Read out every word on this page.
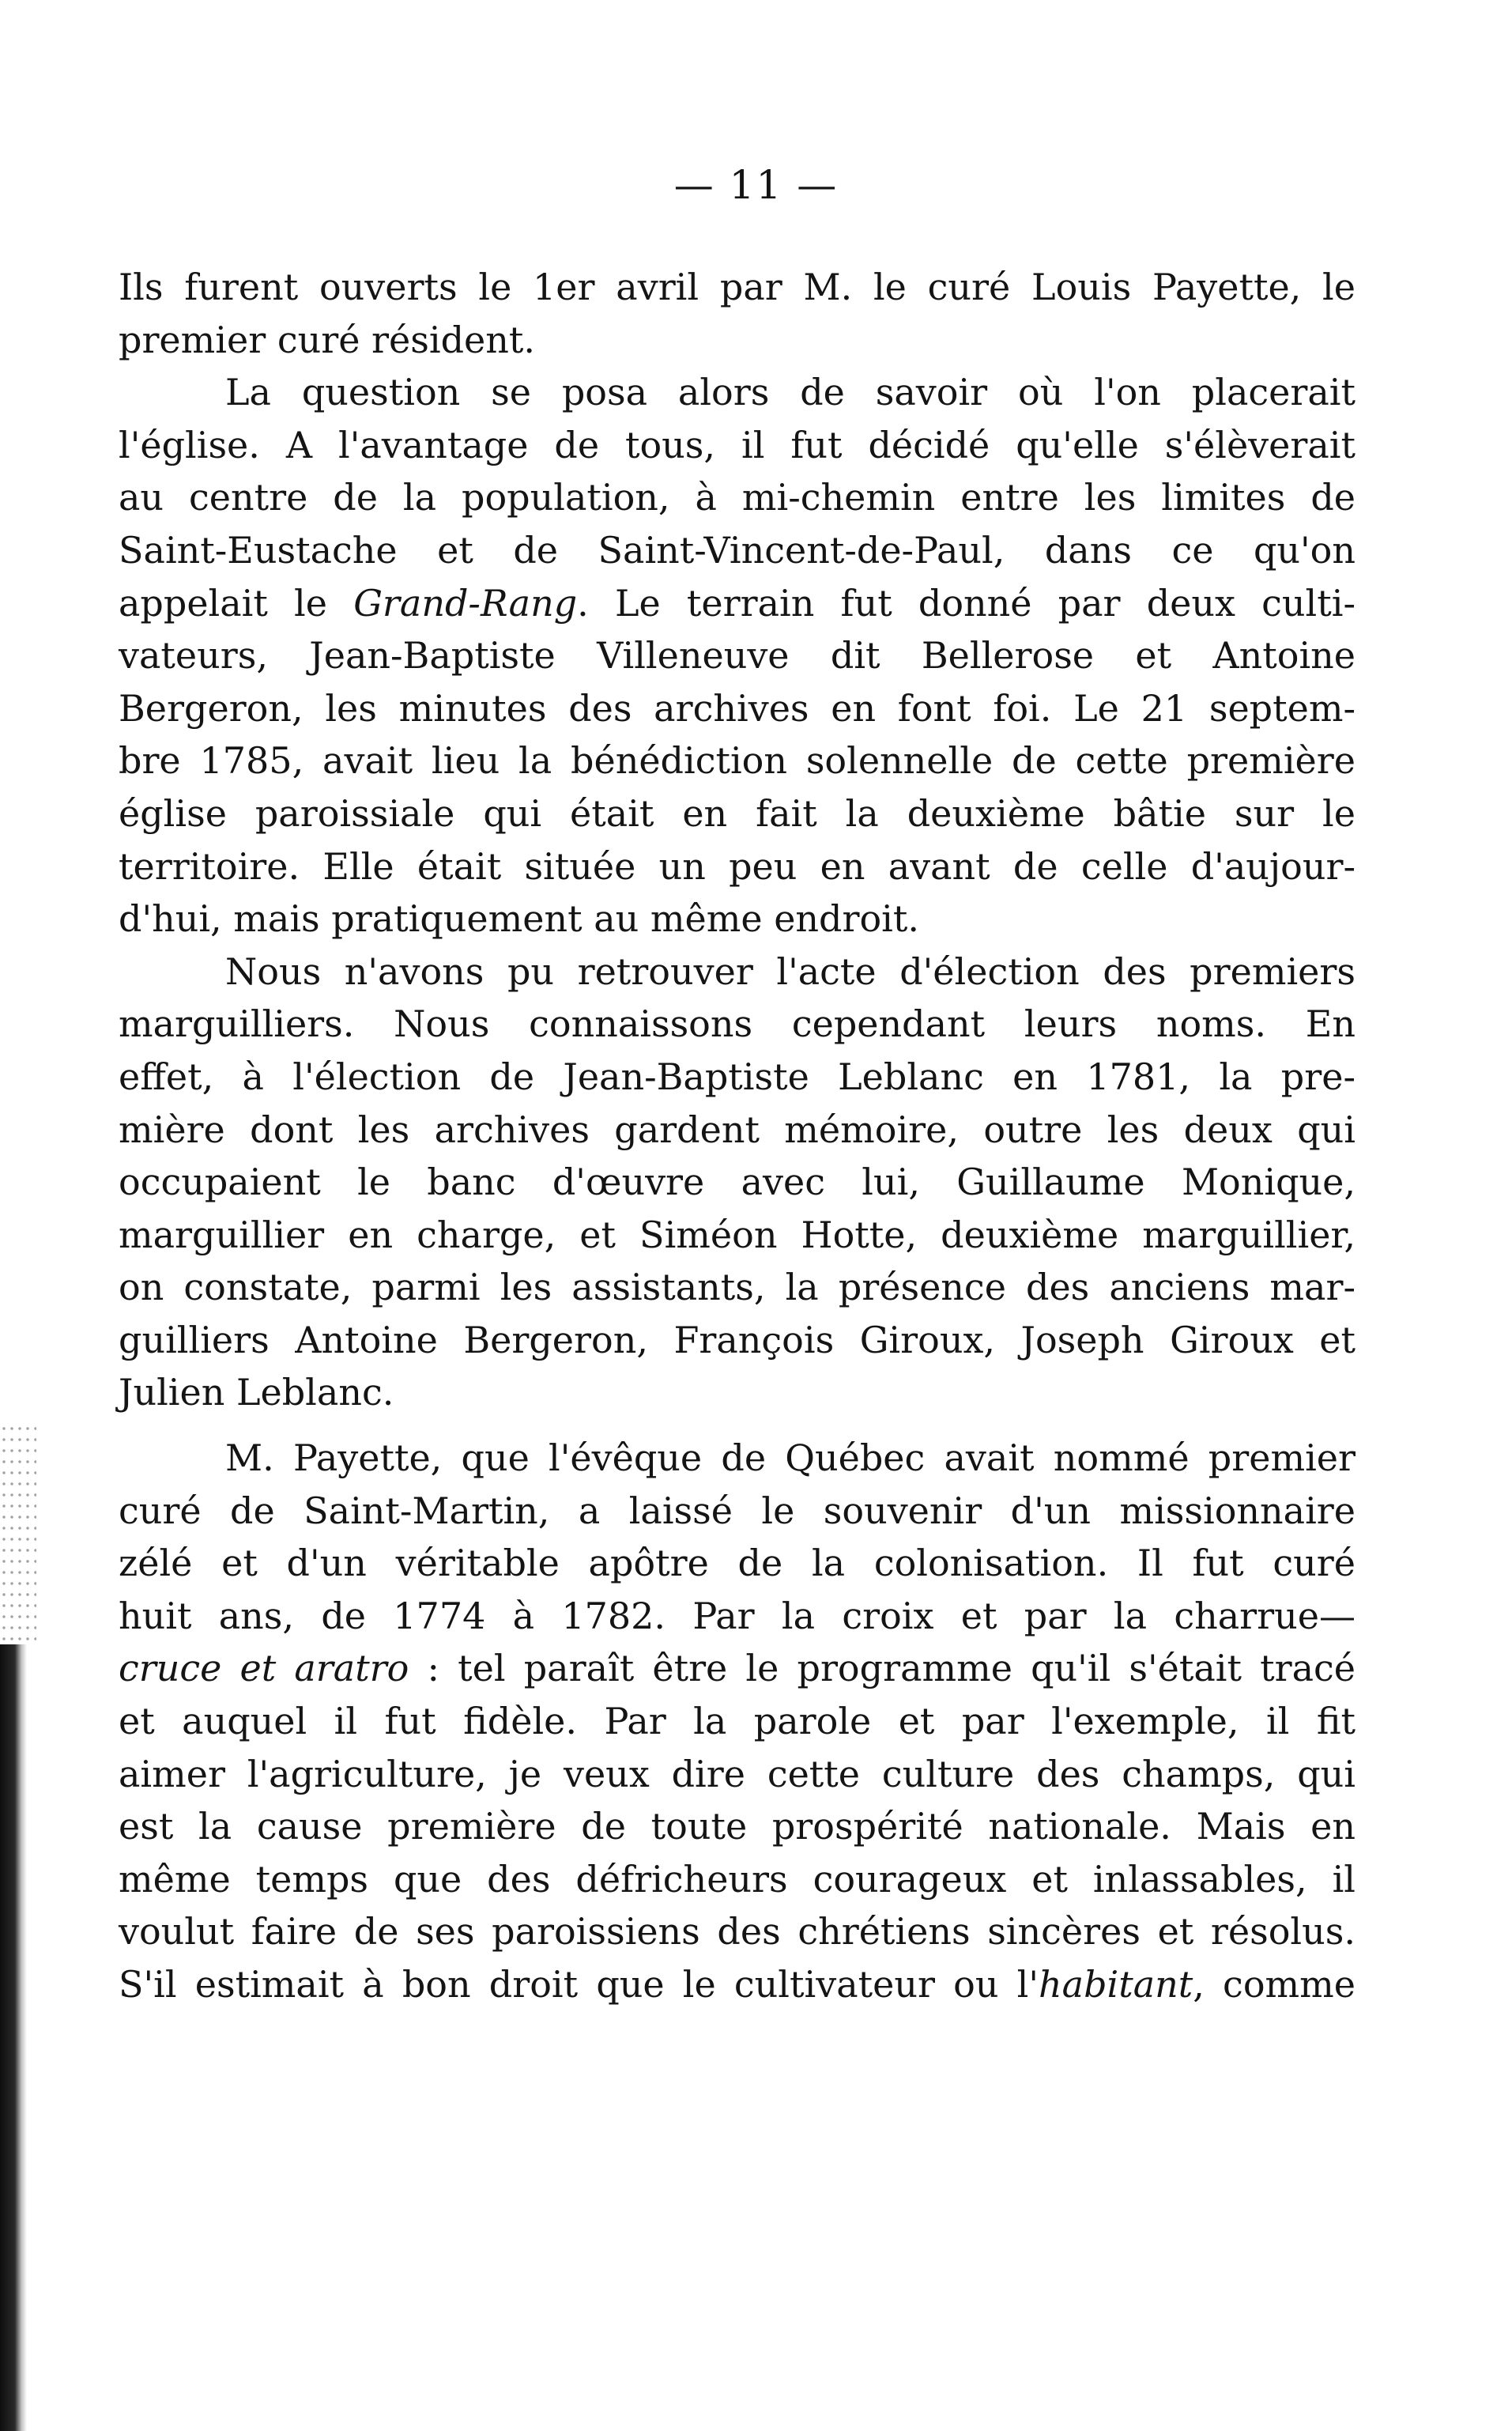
— 11 —
Ils furent ouverts le 1er avril par M. le curé Louis Payette, le
premier curé résident.
La question se posa alors de savoir où l'on placerait
l'église. A l'avantage de tous, il fut décidé qu'elle s'élèverait
au centre de la population, à mi-chemin entre les limites de
Saint-Eustache et de Saint-Vincent-de-Paul, dans ce qu'on
appelait le Grand-Rang. Le terrain fut donné par deux culti-
vateurs, Jean-Baptiste Villeneuve dit Bellerose et Antoine
Bergeron, les minutes des archives en font foi. Le 21 septem-
bre 1785, avait lieu la bénédiction solennelle de cette première
église paroissiale qui était en fait la deuxième bâtie sur le
territoire. Elle était située un peu en avant de celle d'aujour-
d'hui, mais pratiquement au même endroit.
Nous n'avons pu retrouver l'acte d'élection des premiers
marguilliers. Nous connaissons cependant leurs noms. En
effet, à l'élection de Jean-Baptiste Leblanc en 1781, la pre-
mière dont les archives gardent mémoire, outre les deux qui
occupaient le banc d'œuvre avec lui, Guillaume Monique,
marguillier en charge, et Siméon Hotte, deuxième marguillier,
on constate, parmi les assistants, la présence des anciens mar-
guilliers Antoine Bergeron, François Giroux, Joseph Giroux et
Julien Leblanc.
M. Payette, que l'évêque de Québec avait nommé premier
curé de Saint-Martin, a laissé le souvenir d'un missionnaire
zélé et d'un véritable apôtre de la colonisation. Il fut curé
huit ans, de 1774 à 1782. Par la croix et par la charrue—
cruce et aratro : tel paraît être le programme qu'il s'était tracé
et auquel il fut fidèle. Par la parole et par l'exemple, il fit
aimer l'agriculture, je veux dire cette culture des champs, qui
est la cause première de toute prospérité nationale. Mais en
même temps que des défricheurs courageux et inlassables, il
voulut faire de ses paroissiens des chrétiens sincères et résolus.
S'il estimait à bon droit que le cultivateur ou l'habitant, comme
